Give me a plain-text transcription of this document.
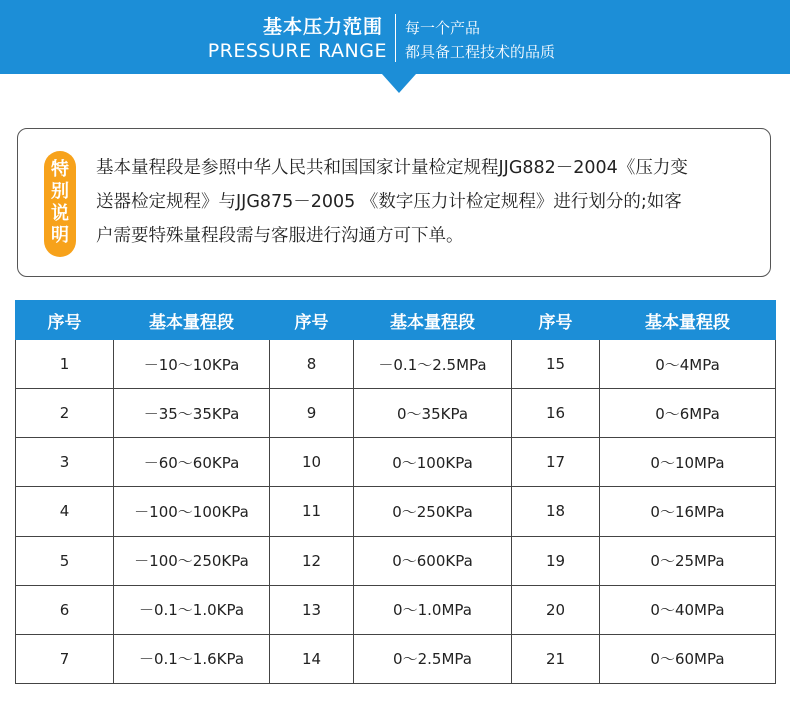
基本压力范围
PRESSURE RANGE
每一个产品
都具备工程技术的品质
特
别
说
明
基本量程段是参照中华人民共和国国家计量检定规程JJG882－2004《压力变
送器检定规程》与JJG875－2005 《数字压力计检定规程》进行划分的;如客
户需要特殊量程段需与客服进行沟通方可下单。
序号	基本量程段	序号	基本量程段	序号	基本量程段
1	－10～10KPa	8	－0.1～2.5MPa	15	0～4MPa
2	－35～35KPa	9	0～35KPa	16	0～6MPa
3	－60～60KPa	10	0～100KPa	17	0～10MPa
4	－100～100KPa	11	0～250KPa	18	0～16MPa
5	－100～250KPa	12	0～600KPa	19	0～25MPa
6	－0.1～1.0KPa	13	0～1.0MPa	20	0～40MPa
7	－0.1～1.6KPa	14	0～2.5MPa	21	0～60MPa
